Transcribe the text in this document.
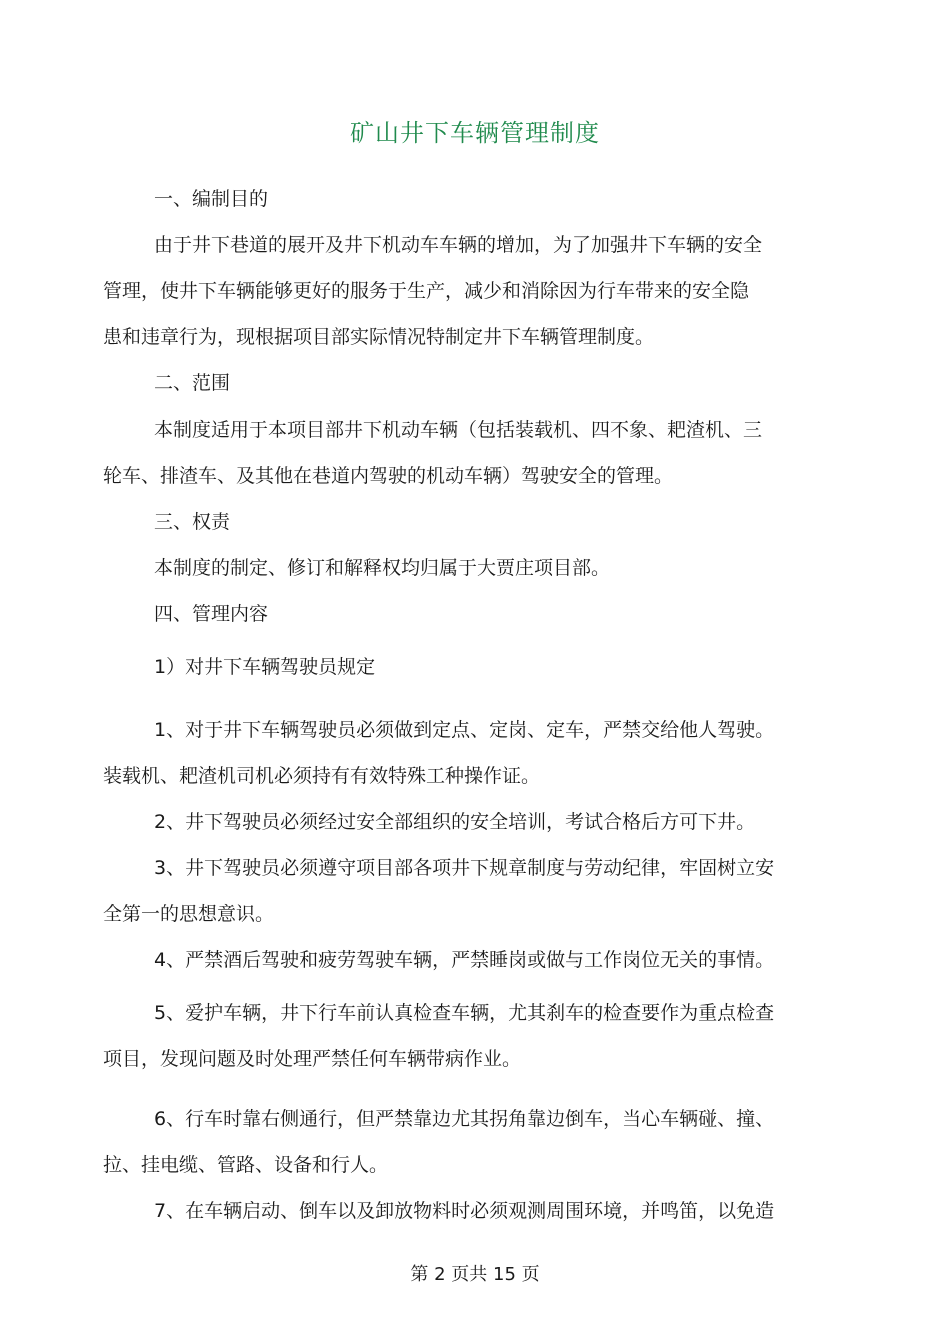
矿山井下车辆管理制度
一、编制目的
由于井下巷道的展开及井下机动车车辆的增加，为了加强井下车辆的安全
管理，使井下车辆能够更好的服务于生产，减少和消除因为行车带来的安全隐
患和违章行为，现根据项目部实际情况特制定井下车辆管理制度。
二、范围
本制度适用于本项目部井下机动车辆（包括装载机、四不象、耙渣机、三
轮车、排渣车、及其他在巷道内驾驶的机动车辆）驾驶安全的管理。
三、权责
本制度的制定、修订和解释权均归属于大贾庄项目部。
四、管理内容
1）对井下车辆驾驶员规定
1、对于井下车辆驾驶员必须做到定点、定岗、定车，严禁交给他人驾驶。
装载机、耙渣机司机必须持有有效特殊工种操作证。
2、井下驾驶员必须经过安全部组织的安全培训，考试合格后方可下井。
3、井下驾驶员必须遵守项目部各项井下规章制度与劳动纪律，牢固树立安
全第一的思想意识。
4、严禁酒后驾驶和疲劳驾驶车辆，严禁睡岗或做与工作岗位无关的事情。
5、爱护车辆，井下行车前认真检查车辆，尤其刹车的检查要作为重点检查
项目，发现问题及时处理严禁任何车辆带病作业。
6、行车时靠右侧通行，但严禁靠边尤其拐角靠边倒车，当心车辆碰、撞、
拉、挂电缆、管路、设备和行人。
7、在车辆启动、倒车以及卸放物料时必须观测周围环境，并鸣笛，以免造
第 2 页共 15 页
